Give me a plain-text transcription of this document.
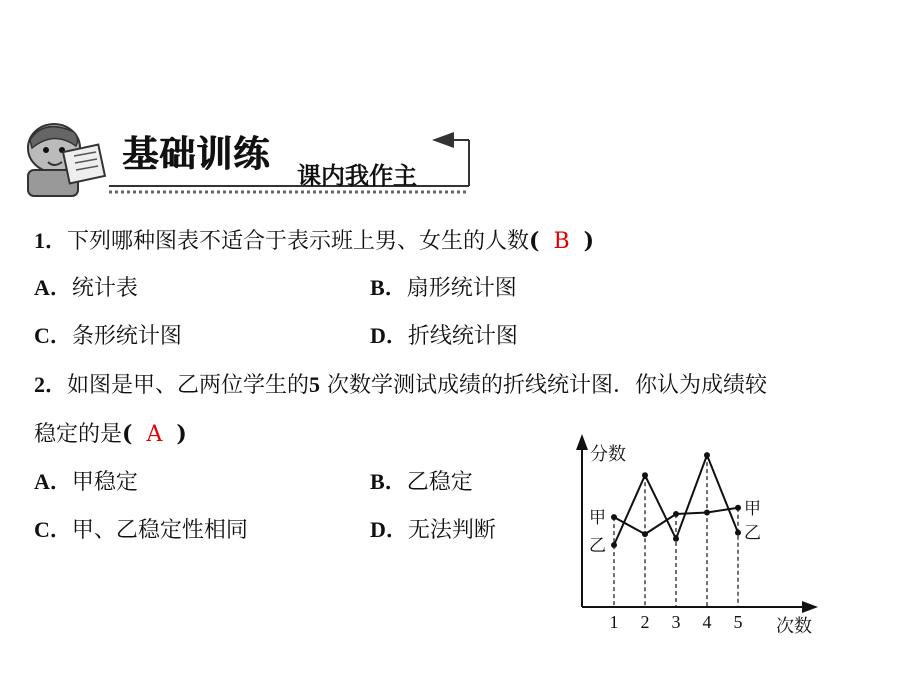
基础训练
课内我作主
1．下列哪种图表不适合于表示班上男、女生的人数( B )
A．统计表	B．扇形统计图
C．条形统计图	D．折线统计图
2．如图是甲、乙两位学生的5 次数学测试成绩的折线统计图．你认为成绩较
稳定的是( A )
A．甲稳定	B．乙稳定
C．甲、乙稳定性相同	D．无法判断
分数
次数
1 2 3 4 5
甲	甲
乙
乙
